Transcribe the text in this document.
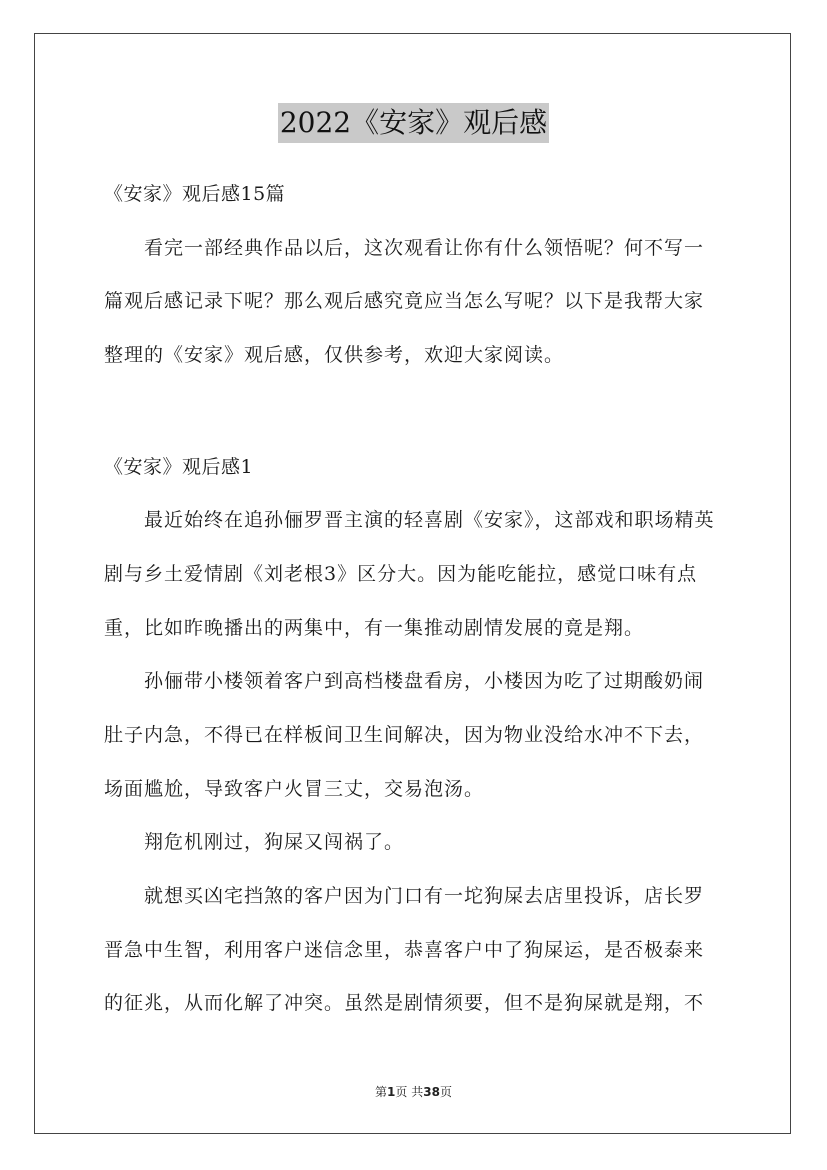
2022《安家》观后感
《安家》观后感15篇
看完一部经典作品以后，这次观看让你有什么领悟呢？何不写一
篇观后感记录下呢？那么观后感究竟应当怎么写呢？以下是我帮大家
整理的《安家》观后感，仅供参考，欢迎大家阅读。
《安家》观后感1
最近始终在追孙俪罗晋主演的轻喜剧《安家》，这部戏和职场精英
剧与乡土爱情剧《刘老根3》区分大。因为能吃能拉，感觉口味有点
重，比如昨晚播出的两集中，有一集推动剧情发展的竟是翔。
孙俪带小楼领着客户到高档楼盘看房，小楼因为吃了过期酸奶闹
肚子内急，不得已在样板间卫生间解决，因为物业没给水冲不下去，
场面尴尬，导致客户火冒三丈，交易泡汤。
翔危机刚过，狗屎又闯祸了。
就想买凶宅挡煞的客户因为门口有一坨狗屎去店里投诉，店长罗
晋急中生智，利用客户迷信念里，恭喜客户中了狗屎运，是否极泰来
的征兆，从而化解了冲突。虽然是剧情须要，但不是狗屎就是翔，不
第1页 共38页
